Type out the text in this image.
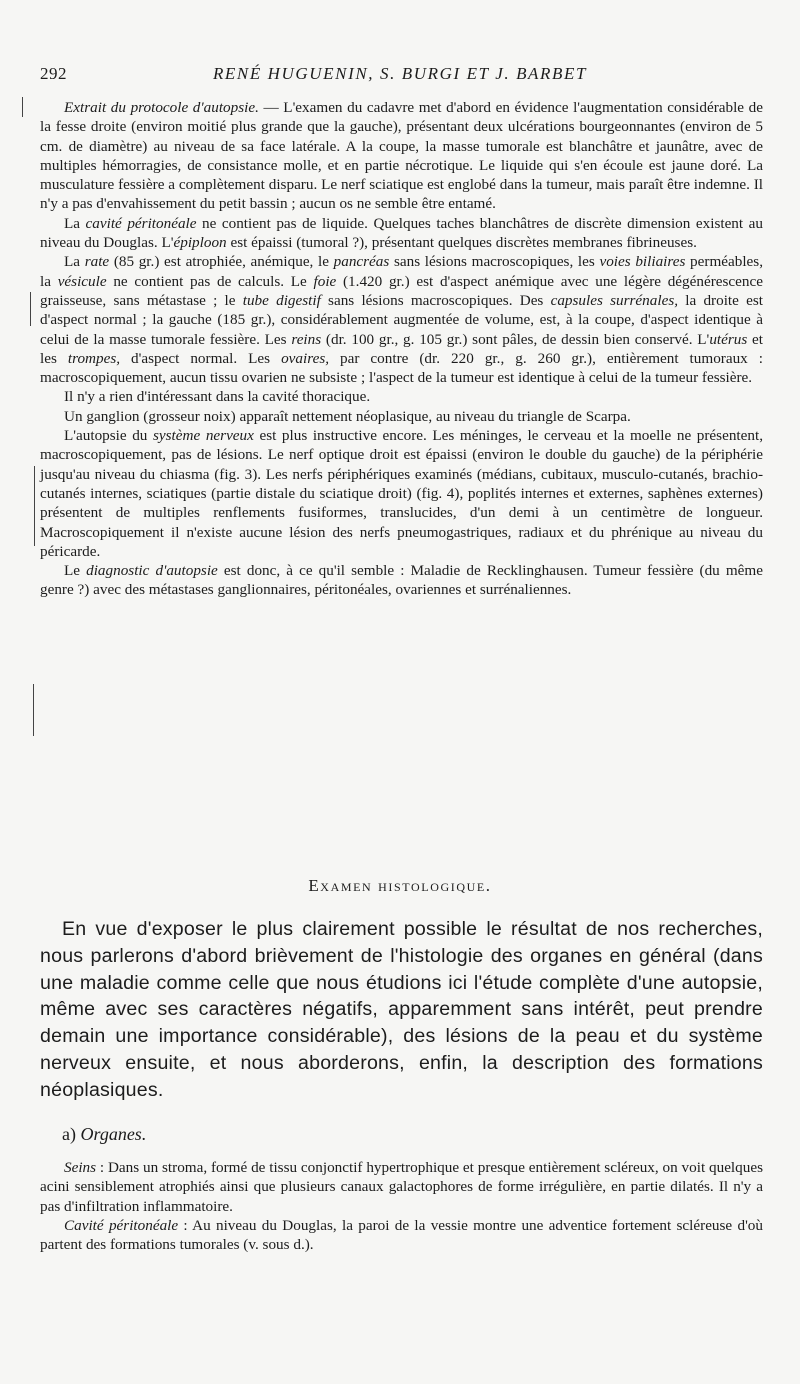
292	RENÉ HUGUENIN, S. BURGI ET J. BARBET

Extrait du protocole d'autopsie. — L'examen du cadavre met d'abord en évidence l'augmentation considérable de la fesse droite (environ moitié plus grande que la gauche), présentant deux ulcérations bourgeonnantes (environ de 5 cm. de diamètre) au niveau de sa face latérale. A la coupe, la masse tumorale est blanchâtre et jaunâtre, avec de multiples hémorragies, de consistance molle, et en partie nécrotique. Le liquide qui s'en écoule est jaune doré. La musculature fessière a complètement disparu. Le nerf sciatique est englobé dans la tumeur, mais paraît être indemne. Il n'y a pas d'envahissement du petit bassin ; aucun os ne semble être entamé.

La cavité péritonéale ne contient pas de liquide. Quelques taches blanchâtres de discrète dimension existent au niveau du Douglas. L'épiploon est épaissi (tumoral ?), présentant quelques discrètes membranes fibrineuses.

La rate (85 gr.) est atrophiée, anémique, le pancréas sans lésions macroscopiques, les voies biliaires perméables, la vésicule ne contient pas de calculs. Le foie (1.420 gr.) est d'aspect anémique avec une légère dégénérescence graisseuse, sans métastase ; le tube digestif sans lésions macroscopiques. Des capsules surrénales, la droite est d'aspect normal ; la gauche (185 gr.), considérablement augmentée de volume, est, à la coupe, d'aspect identique à celui de la masse tumorale fessière. Les reins (dr. 100 gr., g. 105 gr.) sont pâles, de dessin bien conservé. L'utérus et les trompes, d'aspect normal. Les ovaires, par contre (dr. 220 gr., g. 260 gr.), entièrement tumoraux : macroscopiquement, aucun tissu ovarien ne subsiste ; l'aspect de la tumeur est identique à celui de la tumeur fessière.

Il n'y a rien d'intéressant dans la cavité thoracique.

Un ganglion (grosseur noix) apparaît nettement néoplasique, au niveau du triangle de Scarpa.

L'autopsie du système nerveux est plus instructive encore. Les méninges, le cerveau et la moelle ne présentent, macroscopiquement, pas de lésions. Le nerf optique droit est épaissi (environ le double du gauche) de la périphérie jusqu'au niveau du chiasma (fig. 3). Les nerfs périphériques examinés (médians, cubitaux, musculo-cutanés, brachio-cutanés internes, sciatiques (partie distale du sciatique droit) (fig. 4), poplités internes et externes, saphènes externes) présentent de multiples renflements fusiformes, translucides, d'un demi à un centimètre de longueur. Macroscopiquement il n'existe aucune lésion des nerfs pneumogastriques, radiaux et du phrénique au niveau du péricarde.

Le diagnostic d'autopsie est donc, à ce qu'il semble : Maladie de Recklinghausen. Tumeur fessière (du même genre ?) avec des métastases ganglionnaires, péritonéales, ovariennes et surrénaliennes.

Examen histologique.

En vue d'exposer le plus clairement possible le résultat de nos recherches, nous parlerons d'abord brièvement de l'histologie des organes en général (dans une maladie comme celle que nous étudions ici l'étude complète d'une autopsie, même avec ses caractères négatifs, apparemment sans intérêt, peut prendre demain une importance considérable), des lésions de la peau et du système nerveux ensuite, et nous aborderons, enfin, la description des formations néoplasiques.

a) Organes.

Seins : Dans un stroma, formé de tissu conjonctif hypertrophique et presque entièrement scléreux, on voit quelques acini sensiblement atrophiés ainsi que plusieurs canaux galactophores de forme irrégulière, en partie dilatés. Il n'y a pas d'infiltration inflammatoire.

Cavité péritonéale : Au niveau du Douglas, la paroi de la vessie montre une adventice fortement scléreuse d'où partent des formations tumorales (v. sous d.).
